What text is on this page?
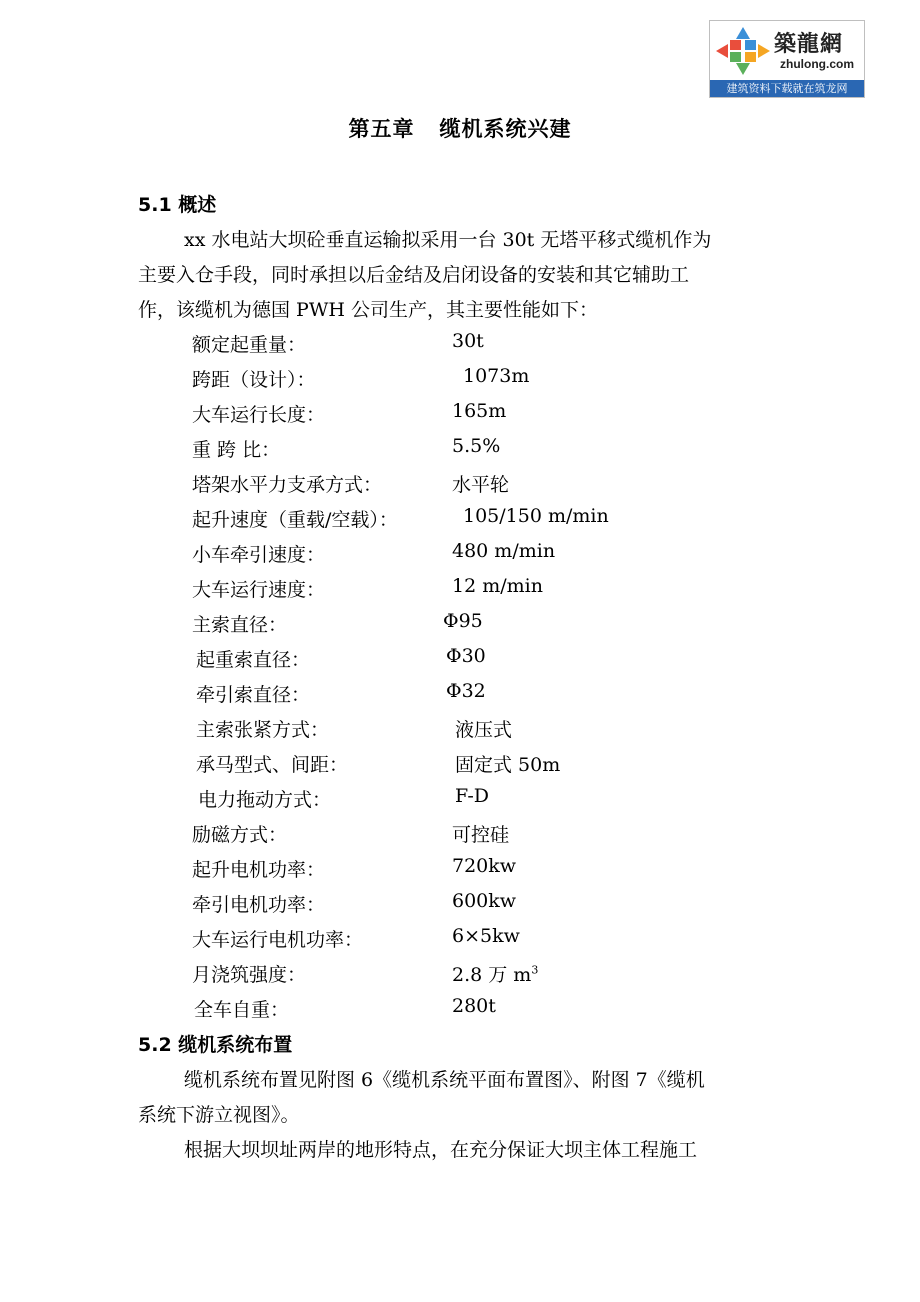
築龍網
zhulong.com
建筑资料下载就在筑龙网
第五章   缆机系统兴建
5.1 概述
xx 水电站大坝砼垂直运输拟采用一台 30t 无塔平移式缆机作为
主要入仓手段，同时承担以后金结及启闭设备的安装和其它辅助工
作，该缆机为德国 PWH 公司生产，其主要性能如下：
额定起重量：	30t
跨距（设计）：	1073m
大车运行长度：	165m
重 跨 比：	5.5%
塔架水平力支承方式：	水平轮
起升速度（重载/空载）：	105/150 m/min
小车牵引速度：	480 m/min
大车运行速度：	12 m/min
主索直径：	Φ95
起重索直径：	Φ30
牵引索直径：	Φ32
主索张紧方式：	液压式
承马型式、间距：	固定式 50m
电力拖动方式：	F-D
励磁方式：	可控硅
起升电机功率：	720kw
牵引电机功率：	600kw
大车运行电机功率：	6×5kw
月浇筑强度：	2.8 万 $m^3$
全车自重：	280t
5.2 缆机系统布置
缆机系统布置见附图 6《缆机系统平面布置图》、附图 7《缆机
系统下游立视图》。
根据大坝坝址两岸的地形特点，在充分保证大坝主体工程施工
